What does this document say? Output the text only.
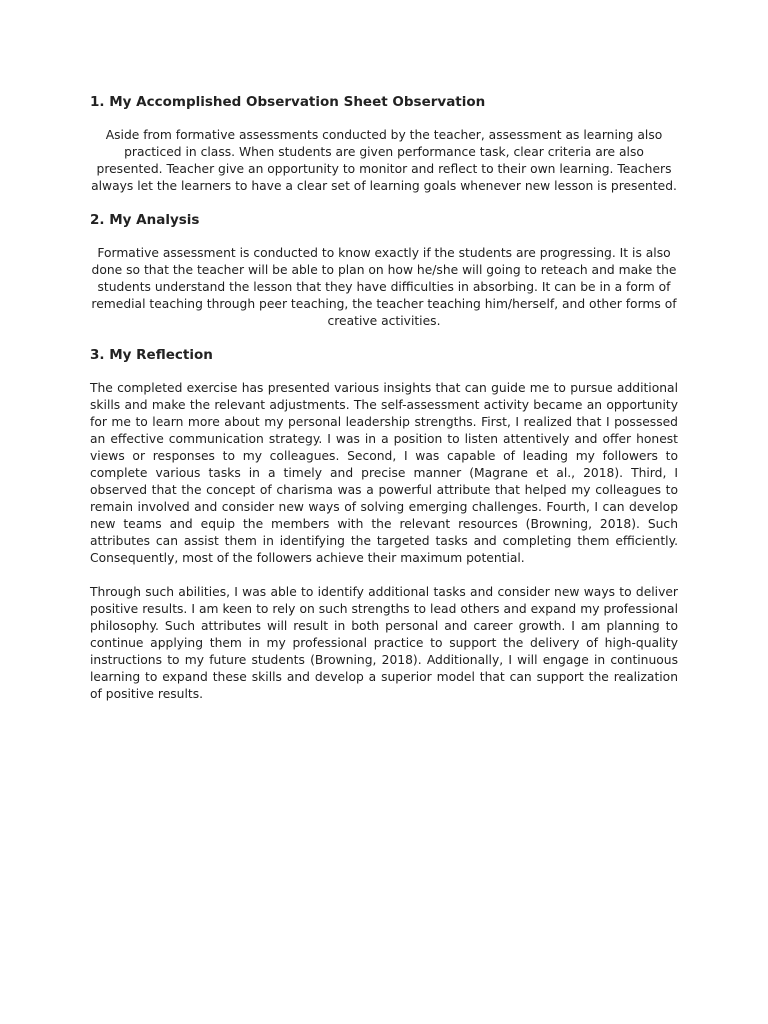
1. My Accomplished Observation Sheet Observation

Aside from formative assessments conducted by the teacher, assessment as learning also practiced in class. When students are given performance task, clear criteria are also presented. Teacher give an opportunity to monitor and reflect to their own learning. Teachers always let the learners to have a clear set of learning goals whenever new lesson is presented.

2. My Analysis

Formative assessment is conducted to know exactly if the students are progressing. It is also done so that the teacher will be able to plan on how he/she will going to reteach and make the students understand the lesson that they have difficulties in absorbing. It can be in a form of remedial teaching through peer teaching, the teacher teaching him/herself, and other forms of creative activities.

3. My Reflection

The completed exercise has presented various insights that can guide me to pursue additional skills and make the relevant adjustments. The self-assessment activity became an opportunity for me to learn more about my personal leadership strengths. First, I realized that I possessed an effective communication strategy. I was in a position to listen attentively and offer honest views or responses to my colleagues. Second, I was capable of leading my followers to complete various tasks in a timely and precise manner (Magrane et al., 2018). Third, I observed that the concept of charisma was a powerful attribute that helped my colleagues to remain involved and consider new ways of solving emerging challenges. Fourth, I can develop new teams and equip the members with the relevant resources (Browning, 2018). Such attributes can assist them in identifying the targeted tasks and completing them efficiently. Consequently, most of the followers achieve their maximum potential.

Through such abilities, I was able to identify additional tasks and consider new ways to deliver positive results. I am keen to rely on such strengths to lead others and expand my professional philosophy. Such attributes will result in both personal and career growth. I am planning to continue applying them in my professional practice to support the delivery of high-quality instructions to my future students (Browning, 2018). Additionally, I will engage in continuous learning to expand these skills and develop a superior model that can support the realization of positive results.
